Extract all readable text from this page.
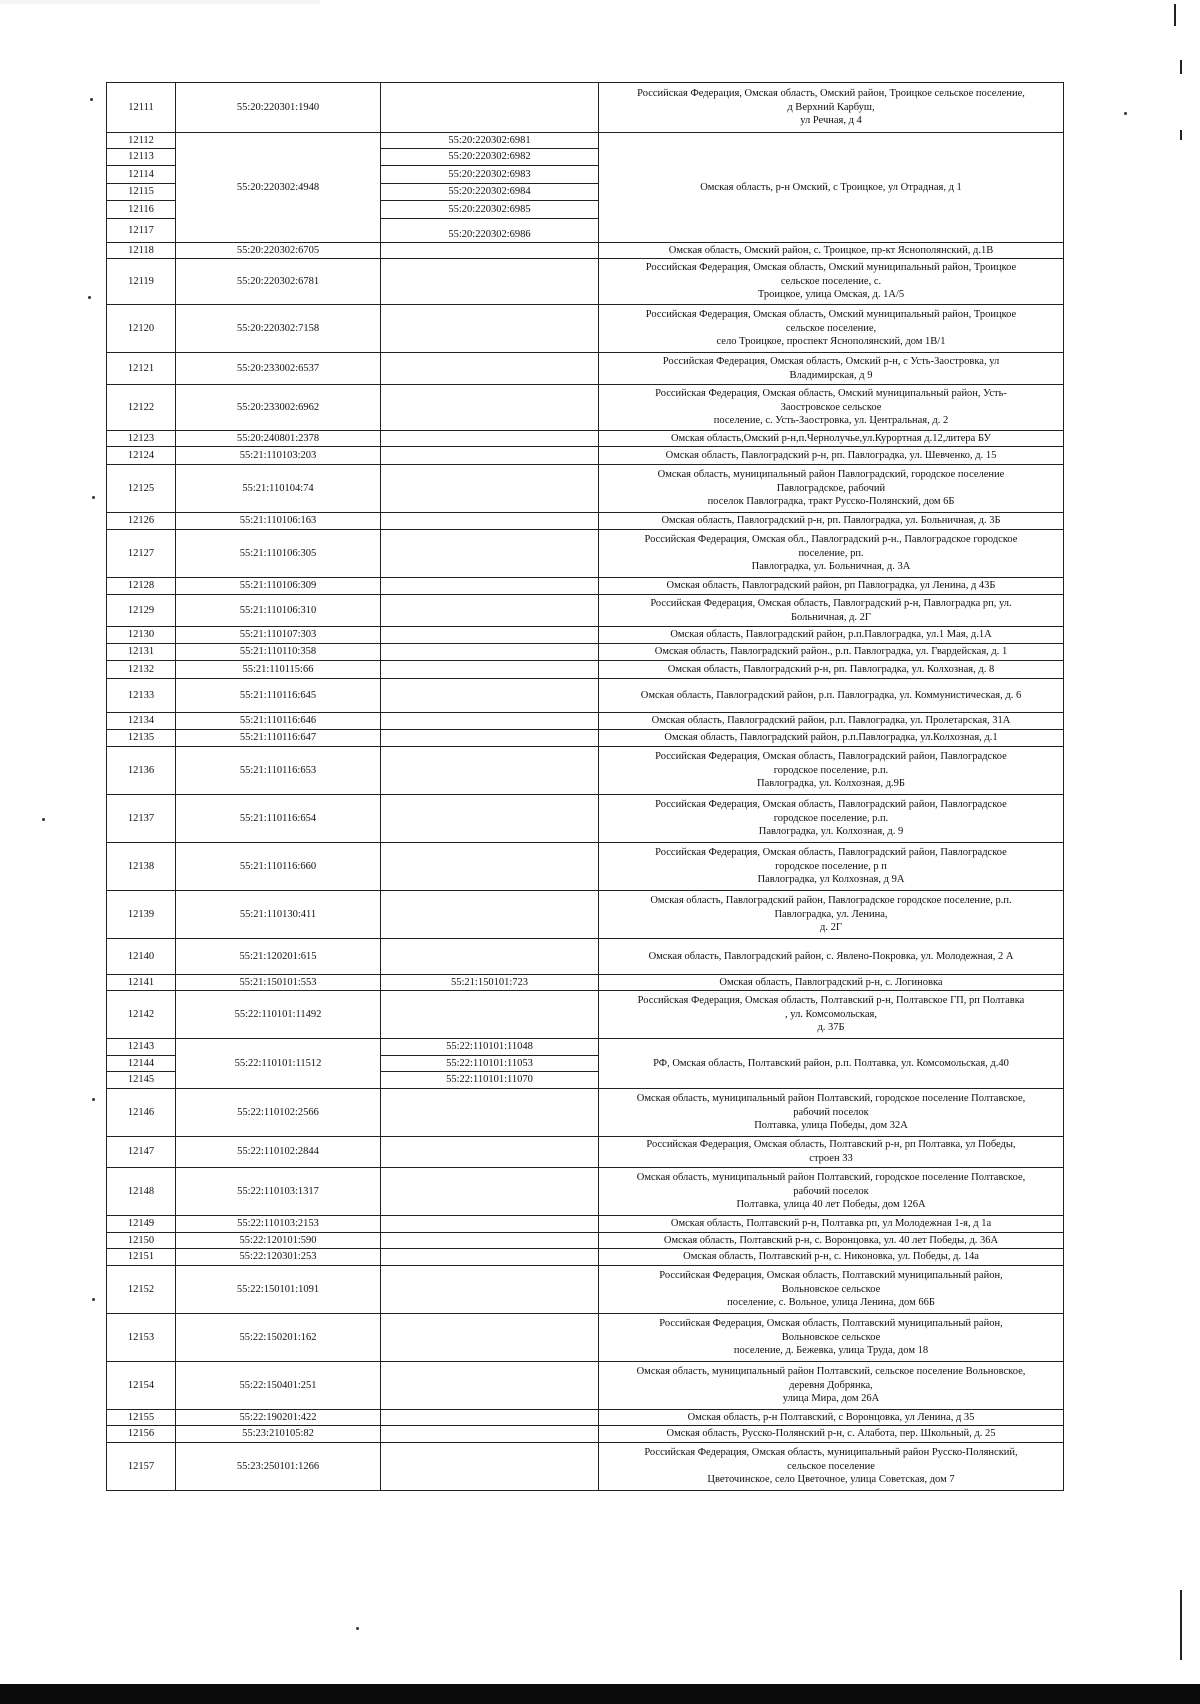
12111	55:20:220301:1940		Российская Федерация, Омская область, Омский район, Троицкое сельское поселение,
д Верхний Карбуш,
ул Речная, д 4

12112	55:20:220302:4948	55:20:220302:6981	Омская область, р-н Омский, с Троицкое, ул Отрадная, д 1

12113		55:20:220302:6982	
12114		55:20:220302:6983	
12115		55:20:220302:6984	
12116		55:20:220302:6985	
12117		55:20:220302:6986	
12118	55:20:220302:6705		Омская область, Омский район, с. Троицкое, пр-кт Яснополянский, д.1В

12119	55:20:220302:6781		Российская Федерация, Омская область, Омский муниципальный район, Троицкое
сельское поселение, с.
Троицкое, улица Омская, д. 1А/5

12120	55:20:220302:7158		Российская Федерация, Омская область, Омский муниципальный район, Троицкое
сельское поселение,
село Троицкое, проспект Яснополянский, дом 1В/1

12121	55:20:233002:6537		Российская Федерация, Омская область, Омский р-н, с Усть-Заостровка, ул
Владимирская, д 9

12122	55:20:233002:6962		Российская Федерация, Омская область, Омский муниципальный район, Усть-
Заостровское сельское
поселение, с. Усть-Заостровка, ул. Центральная, д. 2

12123	55:20:240801:2378		Омская область,Омский р-н,п.Чернолучье,ул.Курортная д.12,литера БУ

12124	55:21:110103:203		Омская область, Павлоградский р-н, рп. Павлоградка, ул. Шевченко, д. 15

12125	55:21:110104:74		Омская область, муниципальный район Павлоградский, городское поселение
Павлоградское, рабочий
поселок Павлоградка, тракт Русско-Полянский, дом 6Б

12126	55:21:110106:163		Омская область, Павлоградский р-н, рп. Павлоградка, ул. Больничная, д. 3Б

12127	55:21:110106:305		Российская Федерация, Омская обл., Павлоградский р-н., Павлоградское городское
поселение, рп.
Павлоградка, ул. Больничная, д. 3А

12128	55:21:110106:309		Омская область, Павлоградский район, рп Павлоградка, ул Ленина, д 43Б

12129	55:21:110106:310		Российская Федерация, Омская область, Павлоградский р-н, Павлоградка рп, ул.
Больничная, д. 2Г

12130	55:21:110107:303		Омская область, Павлоградский район, р.п.Павлоградка, ул.1 Мая, д.1А

12131	55:21:110110:358		Омская область, Павлоградский район., р.п. Павлоградка, ул. Гвардейская, д. 1

12132	55:21:110115:66		Омская область, Павлоградский р-н, рп. Павлоградка, ул. Колхозная, д. 8

12133	55:21:110116:645		Омская область, Павлоградский район, р.п. Павлоградка, ул. Коммунистическая, д. 6

12134	55:21:110116:646		Омская область, Павлоградский район, р.п. Павлоградка, ул. Пролетарская, 31А

12135	55:21:110116:647		Омская область, Павлоградский район, р.п.Павлоградка, ул.Колхозная, д.1

12136	55:21:110116:653		Российская Федерация, Омская область, Павлоградский район, Павлоградское
городское поселение, р.п.
Павлоградка, ул. Колхозная, д.9Б

12137	55:21:110116:654		Российская Федерация, Омская область, Павлоградский район, Павлоградское
городское поселение, р.п.
Павлоградка, ул. Колхозная, д. 9

12138	55:21:110116:660		Российская Федерация, Омская область, Павлоградский район, Павлоградское
городское поселение, р п
Павлоградка, ул Колхозная, д 9А

12139	55:21:110130:411		Омская область, Павлоградский район, Павлоградское городское поселение, р.п.
Павлоградка, ул. Ленина,
д. 2Г

12140	55:21:120201:615		Омская область, Павлоградский район, с. Явлено-Покровка, ул. Молодежная, 2 А

12141	55:21:150101:553	55:21:150101:723	Омская область, Павлоградский р-н, с. Логиновка

12142	55:22:110101:11492		Российская Федерация, Омская область, Полтавский р-н, Полтавское ГП, рп Полтавка
, ул. Комсомольская,
д. 37Б

12143	55:22:110101:11512	55:22:110101:11048	РФ, Омская область, Полтавский район, р.п. Полтавка, ул. Комсомольская, д.40

12144		55:22:110101:11053	
12145		55:22:110101:11070	
12146	55:22:110102:2566		Омская область, муниципальный район Полтавский, городское поселение Полтавское,
рабочий поселок
Полтавка, улица Победы, дом 32А

12147	55:22:110102:2844		Российская Федерация, Омская область, Полтавский р-н, рп Полтавка, ул Победы,
строен 33

12148	55:22:110103:1317		Омская область, муниципальный район Полтавский, городское поселение Полтавское,
рабочий поселок
Полтавка, улица 40 лет Победы, дом 126А

12149	55:22:110103:2153		Омская область, Полтавский р-н, Полтавка рп, ул Молодежная 1-я, д 1а

12150	55:22:120101:590		Омская область, Полтавский р-н, с. Воронцовка, ул. 40 лет Победы, д. 36А

12151	55:22:120301:253		Омская область, Полтавский р-н, с. Никоновка, ул. Победы, д. 14а

12152	55:22:150101:1091		Российская Федерация, Омская область, Полтавский муниципальный район,
Вольновское сельское
поселение, с. Вольное, улица Ленина, дом 66Б

12153	55:22:150201:162		Российская Федерация, Омская область, Полтавский муниципальный район,
Вольновское сельское
поселение, д. Бежевка, улица Труда, дом 18

12154	55:22:150401:251		Омская область, муниципальный район Полтавский, сельское поселение Вольновское,
деревня Добрянка,
улица Мира, дом 26А

12155	55:22:190201:422		Омская область, р-н Полтавский, с Воронцовка, ул Ленина, д 35

12156	55:23:210105:82		Омская область, Русско-Полянский р-н, с. Алабота, пер. Школьный, д. 25

12157	55:23:250101:1266		Российская Федерация, Омская область, муниципальный район Русско-Полянский,
сельское поселение
Цветочинское, село Цветочное, улица Советская, дом 7
